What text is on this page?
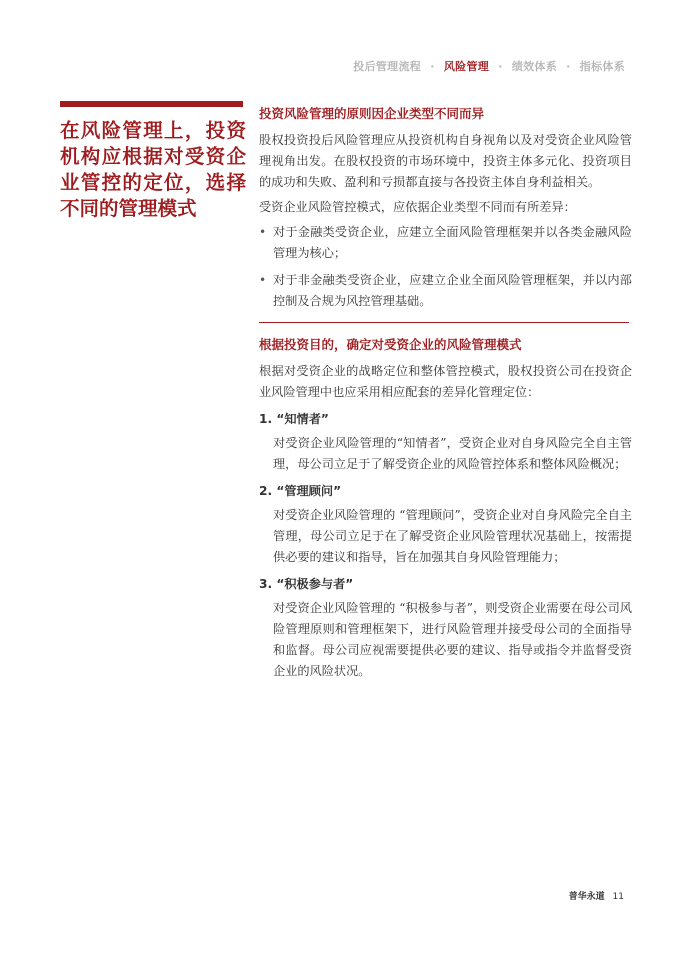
投后管理流程 · 风险管理 · 绩效体系 · 指标体系
在风险管理上，投资机构应根据对受资企业管控的定位，选择不同的管理模式
投资风险管理的原则因企业类型不同而异

股权投资投后风险管理应从投资机构自身视角以及对受资企业风险管理视角出发。在股权投资的市场环境中，投资主体多元化、投资项目的成功和失败、盈利和亏损都直接与各投资主体自身利益相关。

受资企业风险管控模式，应依据企业类型不同而有所差异：

• 对于金融类受资企业，应建立全面风险管理框架并以各类金融风险管理为核心；
• 对于非金融类受资企业，应建立企业全面风险管理框架，并以内部控制及合规为风控管理基础。
根据投资目的，确定对受资企业的风险管理模式

根据对受资企业的战略定位和整体管控模式，股权投资公司在投资企业风险管理中也应采用相应配套的差异化管理定位：

1. “知情者”

对受资企业风险管理的“知情者”，受资企业对自身风险完全自主管理，母公司立足于了解受资企业的风险管控体系和整体风险概况；

2. “管理顾问”

对受资企业风险管理的 “管理顾问”，受资企业对自身风险完全自主管理，母公司立足于在了解受资企业风险管理状况基础上，按需提供必要的建议和指导，旨在加强其自身风险管理能力；

3. “积极参与者”

对受资企业风险管理的 “积极参与者”，则受资企业需要在母公司风险管理原则和管理框架下，进行风险管理并接受母公司的全面指导和监督。母公司应视需要提供必要的建议、指导或指令并监督受资企业的风险状况。

普华永道 11
